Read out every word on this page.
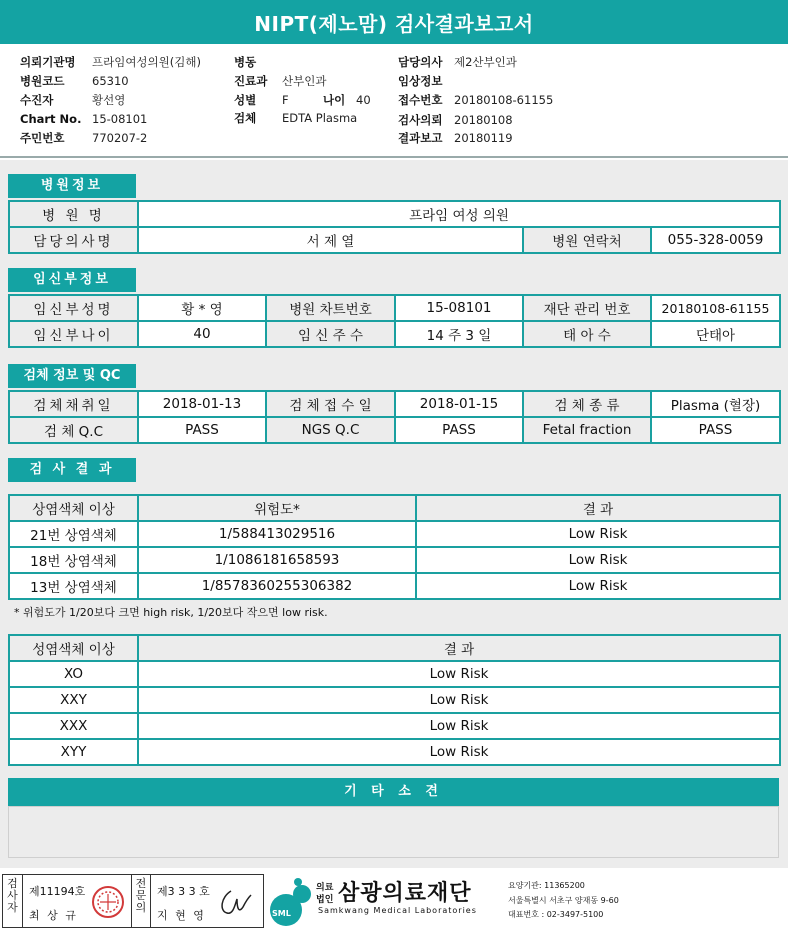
NIPT(제노맘) 검사결과보고서
의뢰기관명 프라임여성의원(김해)
병원코드 65310
수진자	황선영
Chart No. 15-08101
주민번호 770207-2
병동
진료과 산부인과
성별 F	나이 40
검체 EDTA Plasma
담당의사 제2산부인과
임상정보
접수번호 20180108-61155
검사의뢰 20180108
결과보고 20180119
병원정보
병 원 명	프라임 여성 의원		
담당의사명	서 제 열	병원 연락처	055-328-0059
임신부정보
임신부성명	황 * 영	병원 차트번호	15-08101	재단 관리 번호	20180108-61155
임신부나이	40	임 신 주 수	14 주 3 일	태 아 수	단태아
검체 정보 및 QC
검체채취일	2018-01-13	검 체 접 수 일	2018-01-15	검 체 종 류	Plasma (혈장)
검 체 Q.C	PASS	NGS Q.C	PASS	Fetal fraction	PASS
검 사 결 과
상염색체 이상	위험도*	결 과
21번 상염색체	1/588413029516	Low Risk
18번 상염색체	1/1086181658593	Low Risk
13번 상염색체	1/8578360255306382	Low Risk
* 위험도가 1/20보다 크면 high risk, 1/20보다 작으면 low risk.
성염색체 이상	결 과
XO	Low Risk
XXY	Low Risk
XXX	Low Risk
XYY	Low Risk
기 타 소 견
검사자
제11194호
최 상 규
전문의
제3 3 3 호
지 현 영	SML
의료
법인 삼광의료재단
Samkwang Medical Laboratories
요양기관: 11365200
서울특별시 서초구 양재동 9-60
대표번호 : 02-3497-5100
